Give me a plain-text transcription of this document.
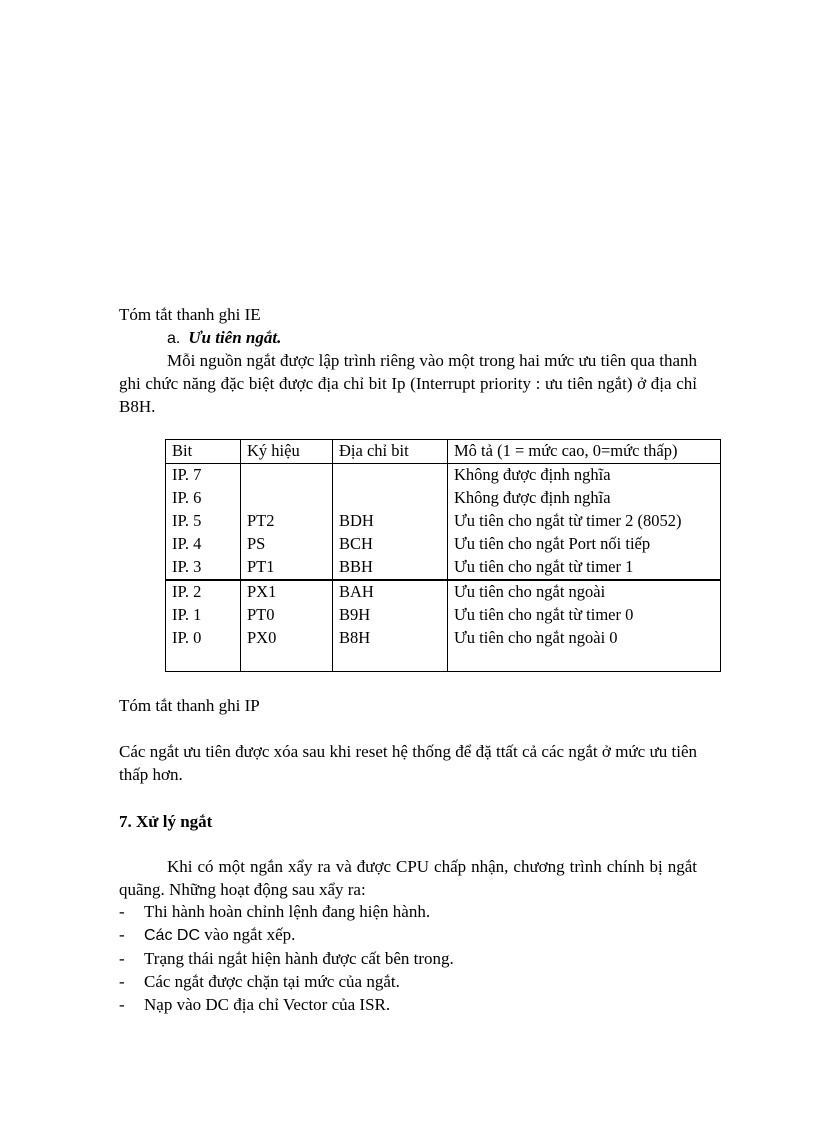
Tóm tắt thanh ghi IE
a. Ưu tiên ngắt.
Mỗi nguồn ngắt được lập trình riêng vào một trong hai mức ưu tiên qua thanh ghi chức năng đặc biệt được địa chỉ bit Ip (Interrupt priority : ưu tiên ngắt) ở địa chỉ B8H.
Bit	Ký hiệu	Địa chỉ bit	Mô tả (1 = mức cao, 0=mức thấp)
IP. 7			Không được định nghĩa
IP. 6			Không được định nghĩa
IP. 5	PT2	BDH	Ưu tiên cho ngắt từ timer 2 (8052)
IP. 4	PS	BCH	Ưu tiên cho ngắt Port nối tiếp
IP. 3	PT1	BBH	Ưu tiên cho ngắt từ timer 1
IP. 2	PX1	BAH	Ưu tiên cho ngắt ngoài
IP. 1	PT0	B9H	Ưu tiên cho ngắt từ timer 0
IP. 0	PX0	B8H	Ưu tiên cho ngắt ngoài 0
Tóm tắt thanh ghi IP
Các ngắt ưu tiên được xóa sau khi reset hệ thống để đặ ttất cả các ngắt ở mức ưu tiên thấp hơn.
7. Xử lý ngắt
Khi có một ngắn xẩy ra và được CPU chấp nhận, chương trình chính bị ngắt quãng. Những hoạt động sau xẩy ra:
- Thi hành hoàn chỉnh lệnh đang hiện hành.
- Các DC vào ngắt xếp.
- Trạng thái ngắt hiện hành được cất bên trong.
- Các ngắt được chặn tại mức của ngắt.
- Nạp vào DC địa chỉ Vector của ISR.
